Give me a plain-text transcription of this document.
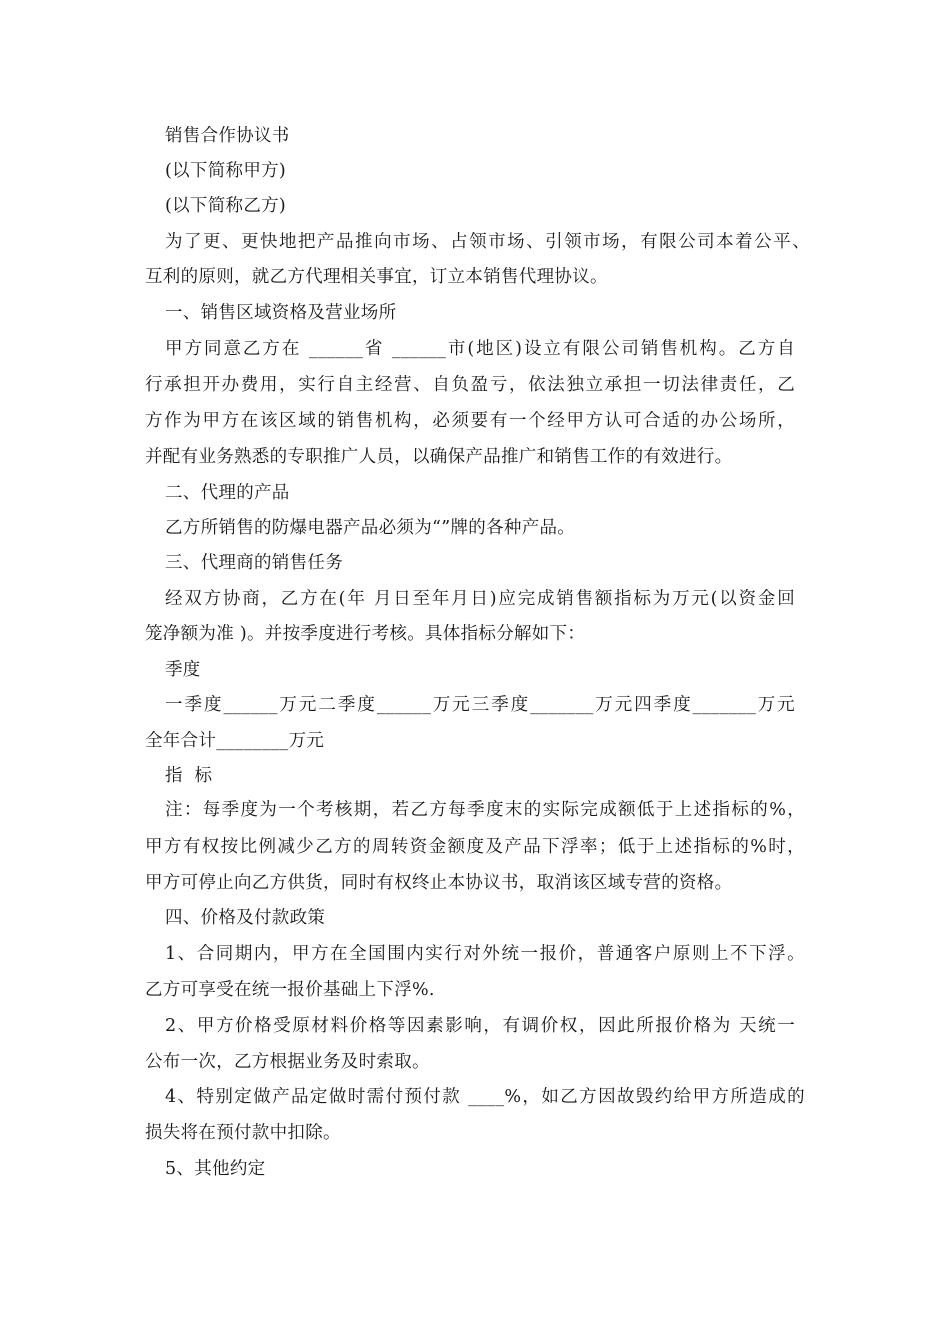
销售合作协议书
(以下简称甲方)
(以下简称乙方)
为了更、更快地把产品推向市场、占领市场、引领市场，有限公司本着公平、
互利的原则，就乙方代理相关事宜，订立本销售代理协议。
一、销售区域资格及营业场所
甲方同意乙方在 ______省 ______市(地区)设立有限公司销售机构。乙方自
行承担开办费用，实行自主经营、自负盈亏，依法独立承担一切法律责任，乙
方作为甲方在该区域的销售机构，必须要有一个经甲方认可合适的办公场所，
并配有业务熟悉的专职推广人员，以确保产品推广和销售工作的有效进行。
二、代理的产品
乙方所销售的防爆电器产品必须为“”牌的各种产品。
三、代理商的销售任务
经双方协商，乙方在(年 月日至年月日)应完成销售额指标为万元(以资金回
笼净额为准 )。并按季度进行考核。具体指标分解如下：
季度
一季度______万元二季度______万元三季度_______万元四季度_______万元
全年合计________万元
指  标
注：每季度为一个考核期，若乙方每季度末的实际完成额低于上述指标的%，
甲方有权按比例减少乙方的周转资金额度及产品下浮率；低于上述指标的%时，
甲方可停止向乙方供货，同时有权终止本协议书，取消该区域专营的资格。
四、价格及付款政策
1、合同期内，甲方在全国围内实行对外统一报价，普通客户原则上不下浮。
乙方可享受在统一报价基础上下浮%.
2、甲方价格受原材料价格等因素影响，有调价权，因此所报价格为 天统一
公布一次，乙方根据业务及时索取。
4、特别定做产品定做时需付预付款 ____%，如乙方因故毁约给甲方所造成的
损失将在预付款中扣除。
5、其他约定
